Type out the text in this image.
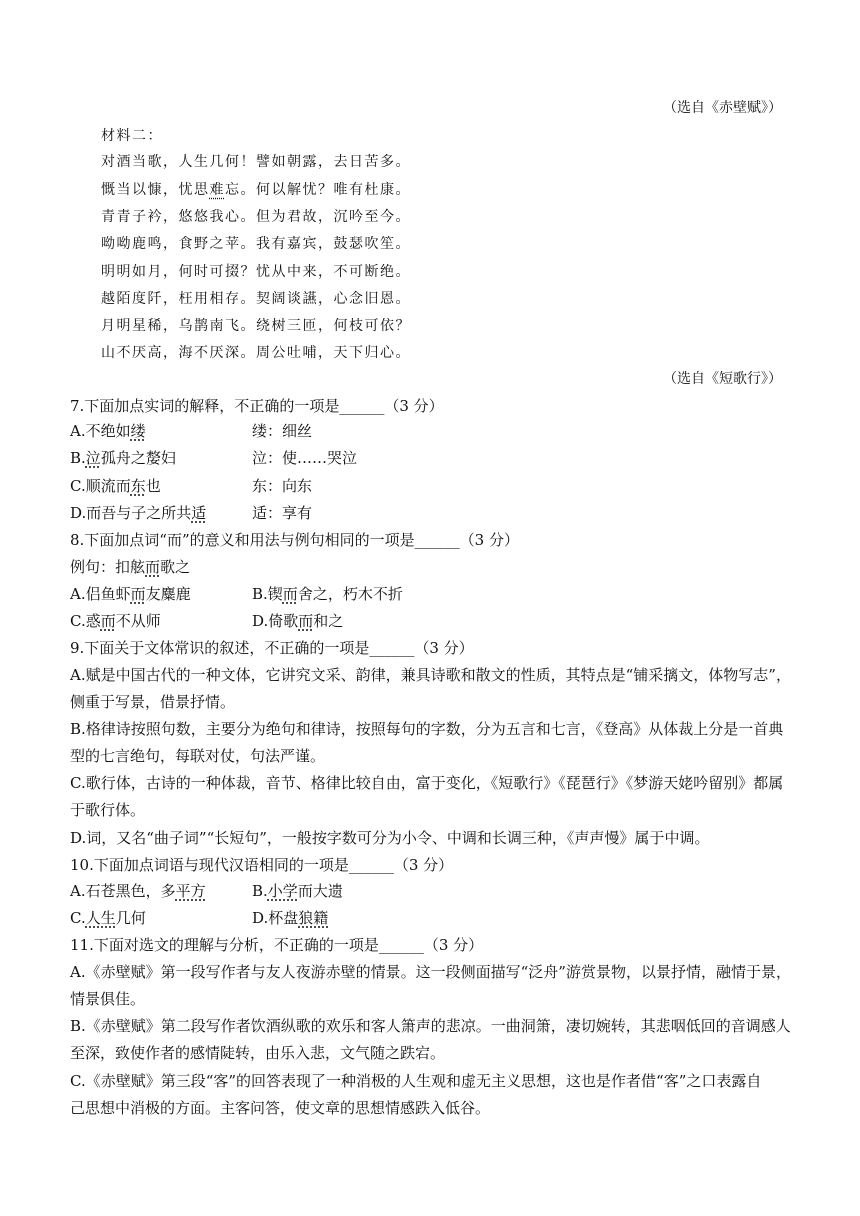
（选自《赤壁赋》）
材料二：
对酒当歌，人生几何！譬如朝露，去日苦多。
慨当以慷，忧思难忘。何以解忧？唯有杜康。
青青子衿，悠悠我心。但为君故，沉吟至今。
呦呦鹿鸣，食野之苹。我有嘉宾，鼓瑟吹笙。
明明如月，何时可掇？忧从中来，不可断绝。
越陌度阡，枉用相存。契阔谈讌，心念旧恩。
月明星稀，乌鹊南飞。绕树三匝，何枝可依？
山不厌高，海不厌深。周公吐哺，天下归心。
（选自《短歌行》）
7.下面加点实词的解释，不正确的一项是______（3 分）
A.不绝如缕	缕：细丝
B.泣孤舟之嫠妇	泣：使……哭泣
C.顺流而东也	东：向东
D.而吾与子之所共适	适：享有
8.下面加点词“而”的意义和用法与例句相同的一项是______（3 分）
例句：扣舷而歌之
A.侣鱼虾而友麋鹿	B.锲而舍之，朽木不折
C.惑而不从师	D.倚歌而和之
9.下面关于文体常识的叙述，不正确的一项是______（3 分）
A.赋是中国古代的一种文体，它讲究文采、韵律，兼具诗歌和散文的性质，其特点是“铺采摛文，体物写志”，
侧重于写景，借景抒情。
B.格律诗按照句数，主要分为绝句和律诗，按照每句的字数，分为五言和七言，《登高》从体裁上分是一首典
型的七言绝句，每联对仗，句法严谨。
C.歌行体，古诗的一种体裁，音节、格律比较自由，富于变化，《短歌行》《琵琶行》《梦游天姥吟留别》都属
于歌行体。
D.词，又名“曲子词”“长短句”，一般按字数可分为小令、中调和长调三种，《声声慢》属于中调。
10.下面加点词语与现代汉语相同的一项是______（3 分）
A.石苍黑色，多平方	B.小学而大遗
C.人生几何	D.杯盘狼籍
11.下面对选文的理解与分析，不正确的一项是______（3 分）
A.《赤壁赋》第一段写作者与友人夜游赤壁的情景。这一段侧面描写“泛舟”游赏景物，以景抒情，融情于景，
情景俱佳。
B.《赤壁赋》第二段写作者饮酒纵歌的欢乐和客人箫声的悲凉。一曲洞箫，凄切婉转，其悲咽低回的音调感人
至深，致使作者的感情陡转，由乐入悲，文气随之跌宕。
C.《赤壁赋》第三段“客”的回答表现了一种消极的人生观和虚无主义思想，这也是作者借“客”之口表露自
己思想中消极的方面。主客问答，使文章的思想情感跌入低谷。
